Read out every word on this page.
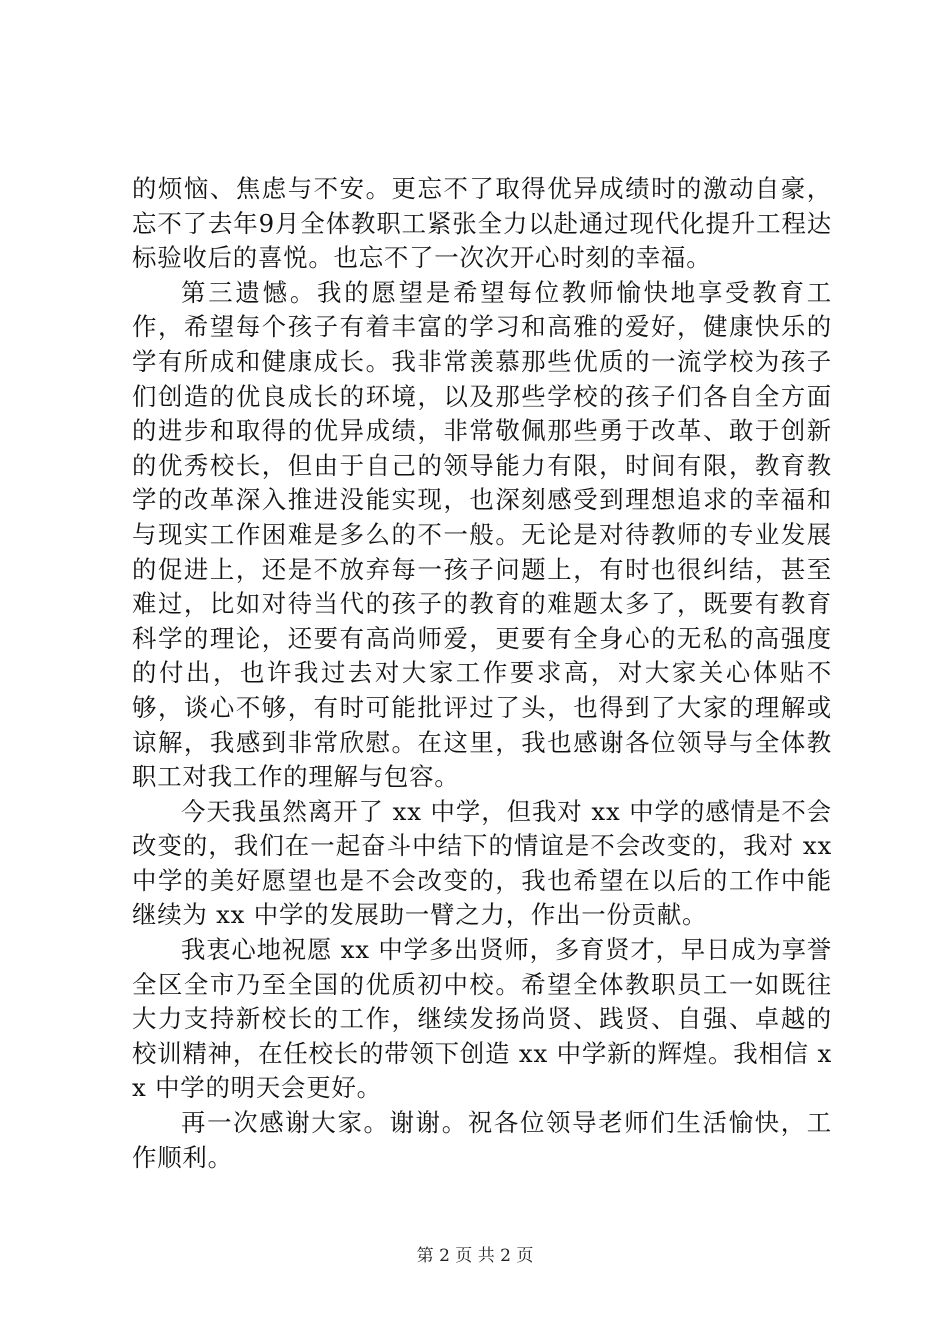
的烦恼、焦虑与不安。更忘不了取得优异成绩时的激动自豪，忘不了去年9月全体教职工紧张全力以赴通过现代化提升工程达标验收后的喜悦。也忘不了一次次开心时刻的幸福。

第三遗憾。我的愿望是希望每位教师愉快地享受教育工作，希望每个孩子有着丰富的学习和高雅的爱好，健康快乐的学有所成和健康成长。我非常羡慕那些优质的一流学校为孩子们创造的优良成长的环境，以及那些学校的孩子们各自全方面的进步和取得的优异成绩，非常敬佩那些勇于改革、敢于创新的优秀校长，但由于自己的领导能力有限，时间有限，教育教学的改革深入推进没能实现，也深刻感受到理想追求的幸福和与现实工作困难是多么的不一般。无论是对待教师的专业发展的促进上，还是不放弃每一孩子问题上，有时也很纠结，甚至难过，比如对待当代的孩子的教育的难题太多了，既要有教育科学的理论，还要有高尚师爱，更要有全身心的无私的高强度的付出，也许我过去对大家工作要求高，对大家关心体贴不够，谈心不够，有时可能批评过了头，也得到了大家的理解或谅解，我感到非常欣慰。在这里，我也感谢各位领导与全体教职工对我工作的理解与包容。

今天我虽然离开了 xx 中学，但我对 xx 中学的感情是不会改变的，我们在一起奋斗中结下的情谊是不会改变的，我对 xx 中学的美好愿望也是不会改变的，我也希望在以后的工作中能继续为 xx 中学的发展助一臂之力，作出一份贡献。

我衷心地祝愿 xx 中学多出贤师，多育贤才，早日成为享誉全区全市乃至全国的优质初中校。希望全体教职员工一如既往大力支持新校长的工作，继续发扬尚贤、践贤、自强、卓越的校训精神，在任校长的带领下创造 xx 中学新的辉煌。我相信 xx 中学的明天会更好。

再一次感谢大家。谢谢。祝各位领导老师们生活愉快，工作顺利。

第 2 页 共 2 页
